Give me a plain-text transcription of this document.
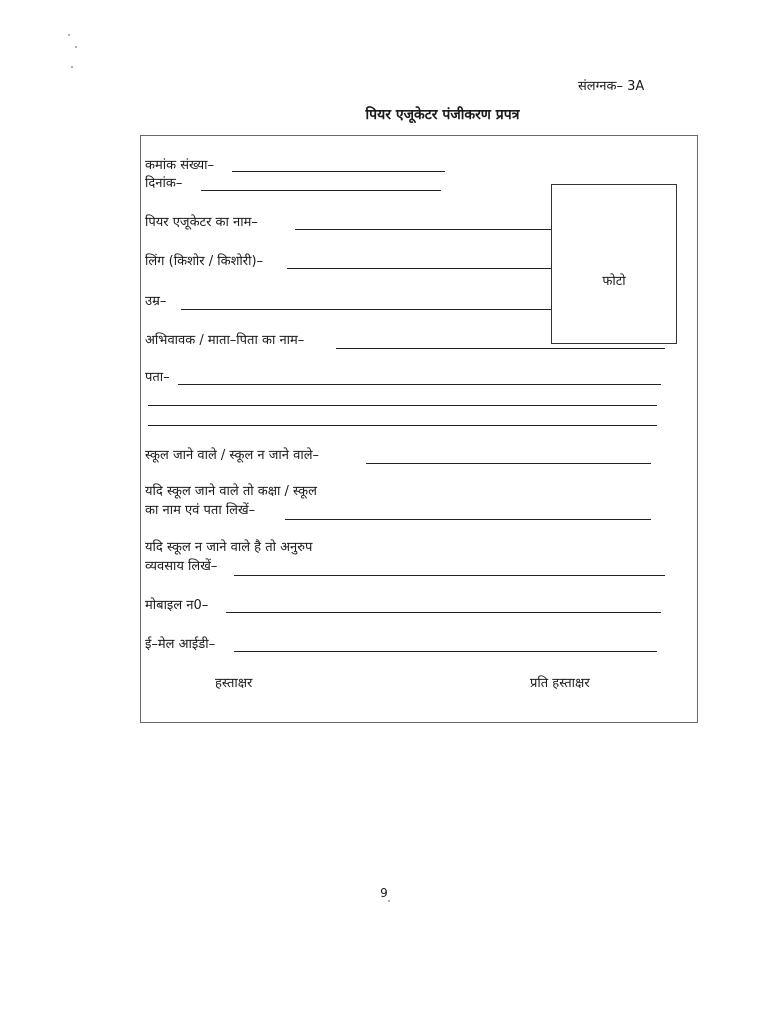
संलग्नक– 3A
पियर एजूकेटर पंजीकरण प्रपत्र
फोटो
कमांक संख्या–
दिनांक–
पियर एजूकेटर का नाम–
लिंग (किशोर / किशोरी)–
उम्र–
अभिवावक / माता–पिता का नाम–
पता–
स्कूल जाने वाले / स्कूल न जाने वाले–
यदि स्कूल जाने वाले तो कक्षा / स्कूल
का नाम एवं पता लिखें–
यदि स्कूल न जाने वाले है तो अनुरुप
व्यवसाय लिखें–
मोबाइल न0–
ई–मेल आईडी–
हस्ताक्षर	प्रति हस्ताक्षर
9
